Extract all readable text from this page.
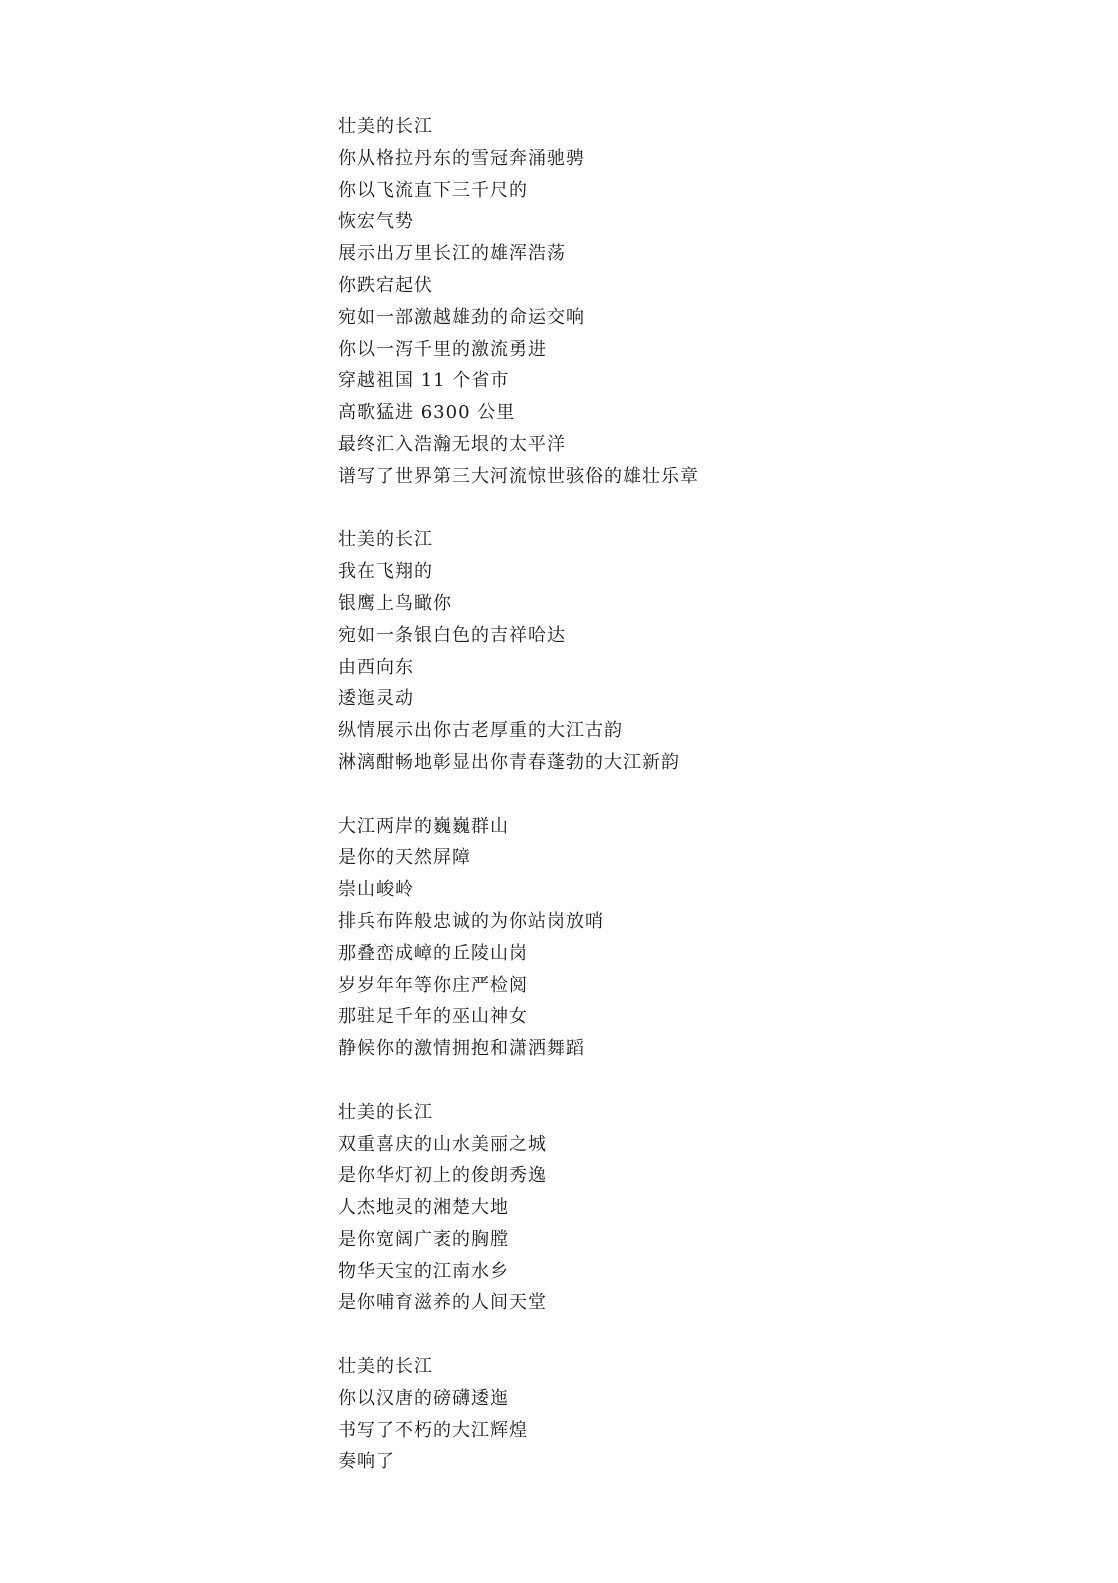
壮美的长江
你从格拉丹东的雪冠奔涌驰骋
你以飞流直下三千尺的
恢宏气势
展示出万里长江的雄浑浩荡
你跌宕起伏
宛如一部激越雄劲的命运交响
你以一泻千里的激流勇进
穿越祖国 11 个省市
高歌猛进 6300 公里
最终汇入浩瀚无垠的太平洋
谱写了世界第三大河流惊世骇俗的雄壮乐章
壮美的长江
我在飞翔的
银鹰上鸟瞰你
宛如一条银白色的吉祥哈达
由西向东
逶迤灵动
纵情展示出你古老厚重的大江古韵
淋漓酣畅地彰显出你青春蓬勃的大江新韵
大江两岸的巍巍群山
是你的天然屏障
崇山峻岭
排兵布阵般忠诚的为你站岗放哨
那叠峦成嶂的丘陵山岗
岁岁年年等你庄严检阅
那驻足千年的巫山神女
静候你的激情拥抱和潇洒舞蹈
壮美的长江
双重喜庆的山水美丽之城
是你华灯初上的俊朗秀逸
人杰地灵的湘楚大地
是你宽阔广袤的胸膛
物华天宝的江南水乡
是你哺育滋养的人间天堂
壮美的长江
你以汉唐的磅礴逶迤
书写了不朽的大江辉煌
奏响了
